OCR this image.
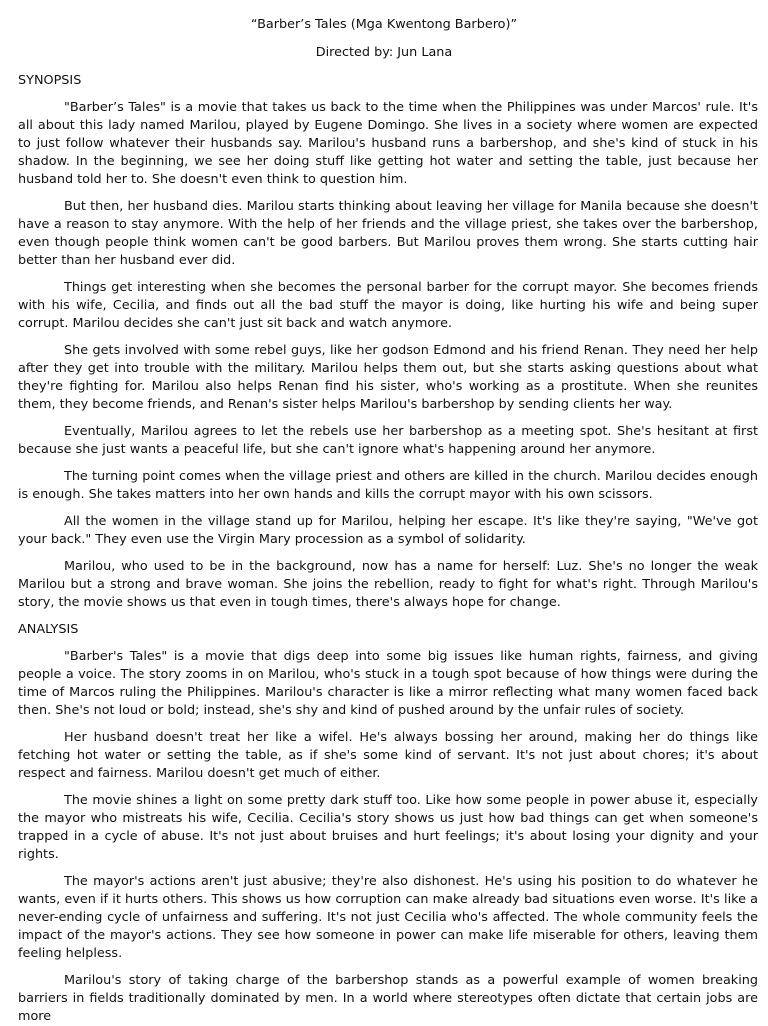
“Barber’s Tales (Mga Kwentong Barbero)”

Directed by: Jun Lana

SYNOPSIS

"Barber’s Tales" is a movie that takes us back to the time when the Philippines was under Marcos' rule. It's all about this lady named Marilou, played by Eugene Domingo. She lives in a society where women are expected to just follow whatever their husbands say. Marilou's husband runs a barbershop, and she's kind of stuck in his shadow. In the beginning, we see her doing stuff like getting hot water and setting the table, just because her husband told her to. She doesn't even think to question him.

But then, her husband dies. Marilou starts thinking about leaving her village for Manila because she doesn't have a reason to stay anymore. With the help of her friends and the village priest, she takes over the barbershop, even though people think women can't be good barbers. But Marilou proves them wrong. She starts cutting hair better than her husband ever did.

Things get interesting when she becomes the personal barber for the corrupt mayor. She becomes friends with his wife, Cecilia, and finds out all the bad stuff the mayor is doing, like hurting his wife and being super corrupt. Marilou decides she can't just sit back and watch anymore.

She gets involved with some rebel guys, like her godson Edmond and his friend Renan. They need her help after they get into trouble with the military. Marilou helps them out, but she starts asking questions about what they're fighting for. Marilou also helps Renan find his sister, who's working as a prostitute. When she reunites them, they become friends, and Renan's sister helps Marilou's barbershop by sending clients her way.

Eventually, Marilou agrees to let the rebels use her barbershop as a meeting spot. She's hesitant at first because she just wants a peaceful life, but she can't ignore what's happening around her anymore.

The turning point comes when the village priest and others are killed in the church. Marilou decides enough is enough. She takes matters into her own hands and kills the corrupt mayor with his own scissors.

All the women in the village stand up for Marilou, helping her escape. It's like they're saying, "We've got your back." They even use the Virgin Mary procession as a symbol of solidarity.

Marilou, who used to be in the background, now has a name for herself: Luz. She's no longer the weak Marilou but a strong and brave woman. She joins the rebellion, ready to fight for what's right. Through Marilou's story, the movie shows us that even in tough times, there's always hope for change.

ANALYSIS

"Barber's Tales" is a movie that digs deep into some big issues like human rights, fairness, and giving people a voice. The story zooms in on Marilou, who's stuck in a tough spot because of how things were during the time of Marcos ruling the Philippines. Marilou's character is like a mirror reflecting what many women faced back then. She's not loud or bold; instead, she's shy and kind of pushed around by the unfair rules of society.

Her husband doesn't treat her like a wifel. He's always bossing her around, making her do things like fetching hot water or setting the table, as if she's some kind of servant. It's not just about chores; it's about respect and fairness. Marilou doesn't get much of either.

The movie shines a light on some pretty dark stuff too. Like how some people in power abuse it, especially the mayor who mistreats his wife, Cecilia. Cecilia's story shows us just how bad things can get when someone's trapped in a cycle of abuse. It's not just about bruises and hurt feelings; it's about losing your dignity and your rights.

The mayor's actions aren't just abusive; they're also dishonest. He's using his position to do whatever he wants, even if it hurts others. This shows us how corruption can make already bad situations even worse. It's like a never-ending cycle of unfairness and suffering. It's not just Cecilia who's affected. The whole community feels the impact of the mayor's actions. They see how someone in power can make life miserable for others, leaving them feeling helpless.

Marilou's story of taking charge of the barbershop stands as a powerful example of women breaking barriers in fields traditionally dominated by men. In a world where stereotypes often dictate that certain jobs are more
